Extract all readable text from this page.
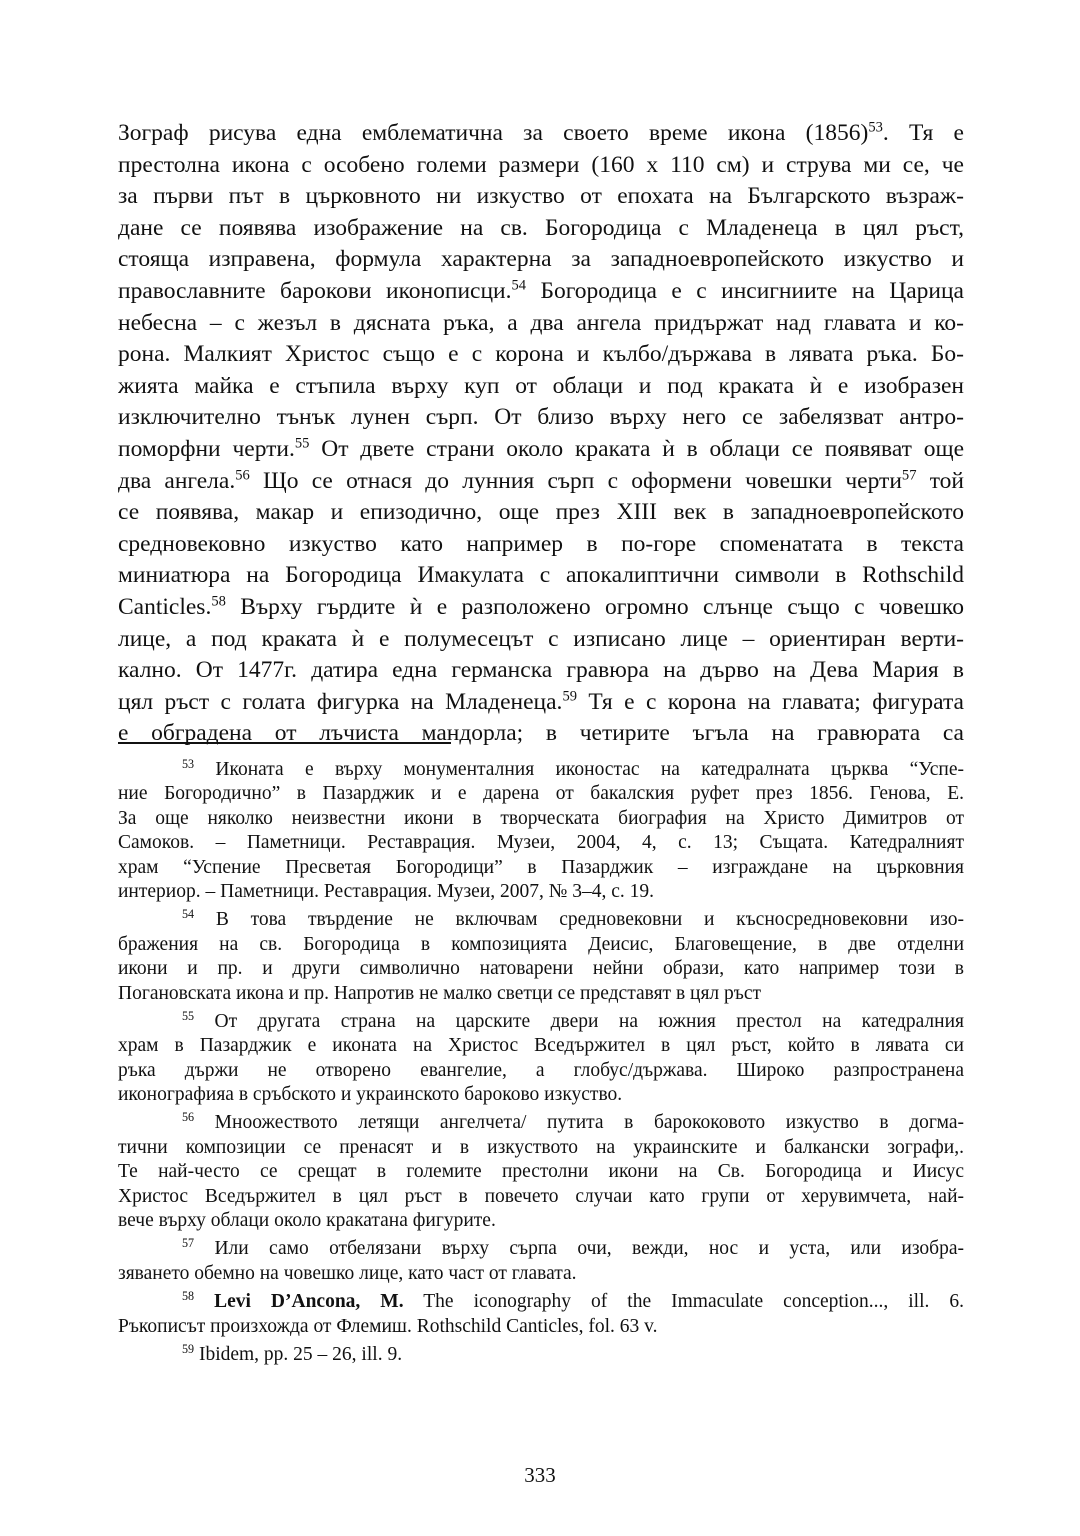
Зограф рисува една емблематична за своето време икона $(1856)^{53}$. Тя е
престолна икона с особено големи размери (160 х 110 см) и струва ми се, че
за първи път в църковното ни изкуство от епохата на Българското възраж-
дане се появява изображение на св. Богородица с Младенеца в цял ръст,
стояща изправена, формула характерна за западноевропейското изкуство и
православните барокови иконописци.$^{54}$ Богородица е с инсигниите на Царица
небесна – с жезъл в дясната ръка, а два ангела придържат над главата и ко-
рона. Малкият Христос също е с корона и кълбо/държава в лявата ръка. Бо-
жията майка е стъпила върху куп от облаци и под краката ѝ е изобразен
изключително тънък лунен сърп. От близо върху него се забелязват антро-
поморфни черти.$^{55}$ От двете страни около краката ѝ в облаци се появяват още
два ангела.$^{56}$ Що се отнася до лунния сърп с оформени човешки черти$^{57}$ той
се появява, макар и епизодично, още през ХIII век в западноевропейското
средновековно изкуство като например в по-горе споменатата в текста
миниатюра на Богородица Имакулата с апокалиптични символи в Rothschild
Canticles.$^{58}$ Върху гърдите ѝ е разположено огромно слънце също с човешко
лице, а под краката ѝ е полумесецът с изписано лице – ориентиран верти-
кално. От 1477г. датира една германска гравюра на дърво на Дева Мария в
цял ръст с голата фигурка на Младенеца.$^{59}$ Тя е с корона на главата; фигурата
е обградена от лъчиста мандорла; в четирите ъгъла на гравюрата са
$^{53}$ Иконата е върху монументалния иконостас на катедралната църква “Успе-
ние Богородично” в Пазарджик и е дарена от бакалския руфет през 1856. Генова, Е.
За още няколко неизвестни икони в творческата биография на Христо Димитров от
Самоков. – Паметници. Реставрация. Музеи, 2004, 4, с. 13; Същата. Катедралният
храм “Успение Пресветая Богородици” в Пазарджик – изграждане на църковния
интериор. – Паметници. Реставрация. Музеи, 2007, № 3–4, с. 19.
$^{54}$ В това твърдение не включвам средновековни и късносредновековни изо-
бражения на св. Богородица в композицията Деисис, Благовещение, в две отделни
икони и пр. и други символично натоварени нейни образи, като например този в
Погановската икона и пр. Напротив не малко светци се представят в цял ръст
$^{55}$ От другата страна на царските двери на южния престол на катедралния
храм в Пазарджик е иконата на Христос Вседържител в цял ръст, който в лявата си
ръка държи не отворено евангелие, а глобус/държава. Широко разпространена
иконографияа в сръбското и украинското бароково изкуство.
$^{56}$ Мноожеството летящи ангелчета/ путита в барококовото изкуство в догма-
тични композиции се пренасят и в изкуството на украинските и балкански зографи,.
Те най-често се срещат в големите престолни икони на Св. Богородица и Иисус
Христос Вседържител в цял ръст в повечето случаи като групи от херувимчета, най-
вече върху облаци около кракатана фигурите.
$^{57}$ Или само отбелязани върху сърпа очи, вежди, нос и уста, или изобра-
зяването обемно на човешко лице, като част от главата.
$^{58}$ Levi D’Ancona, M. The iconography of the Immaculate conception..., ill. 6.
Ръкописът произхожда от Флемиш. Rothschild Canticles, fol. 63 v.
$^{59}$ Ibidem, pp. 25 – 26, ill. 9.
333
